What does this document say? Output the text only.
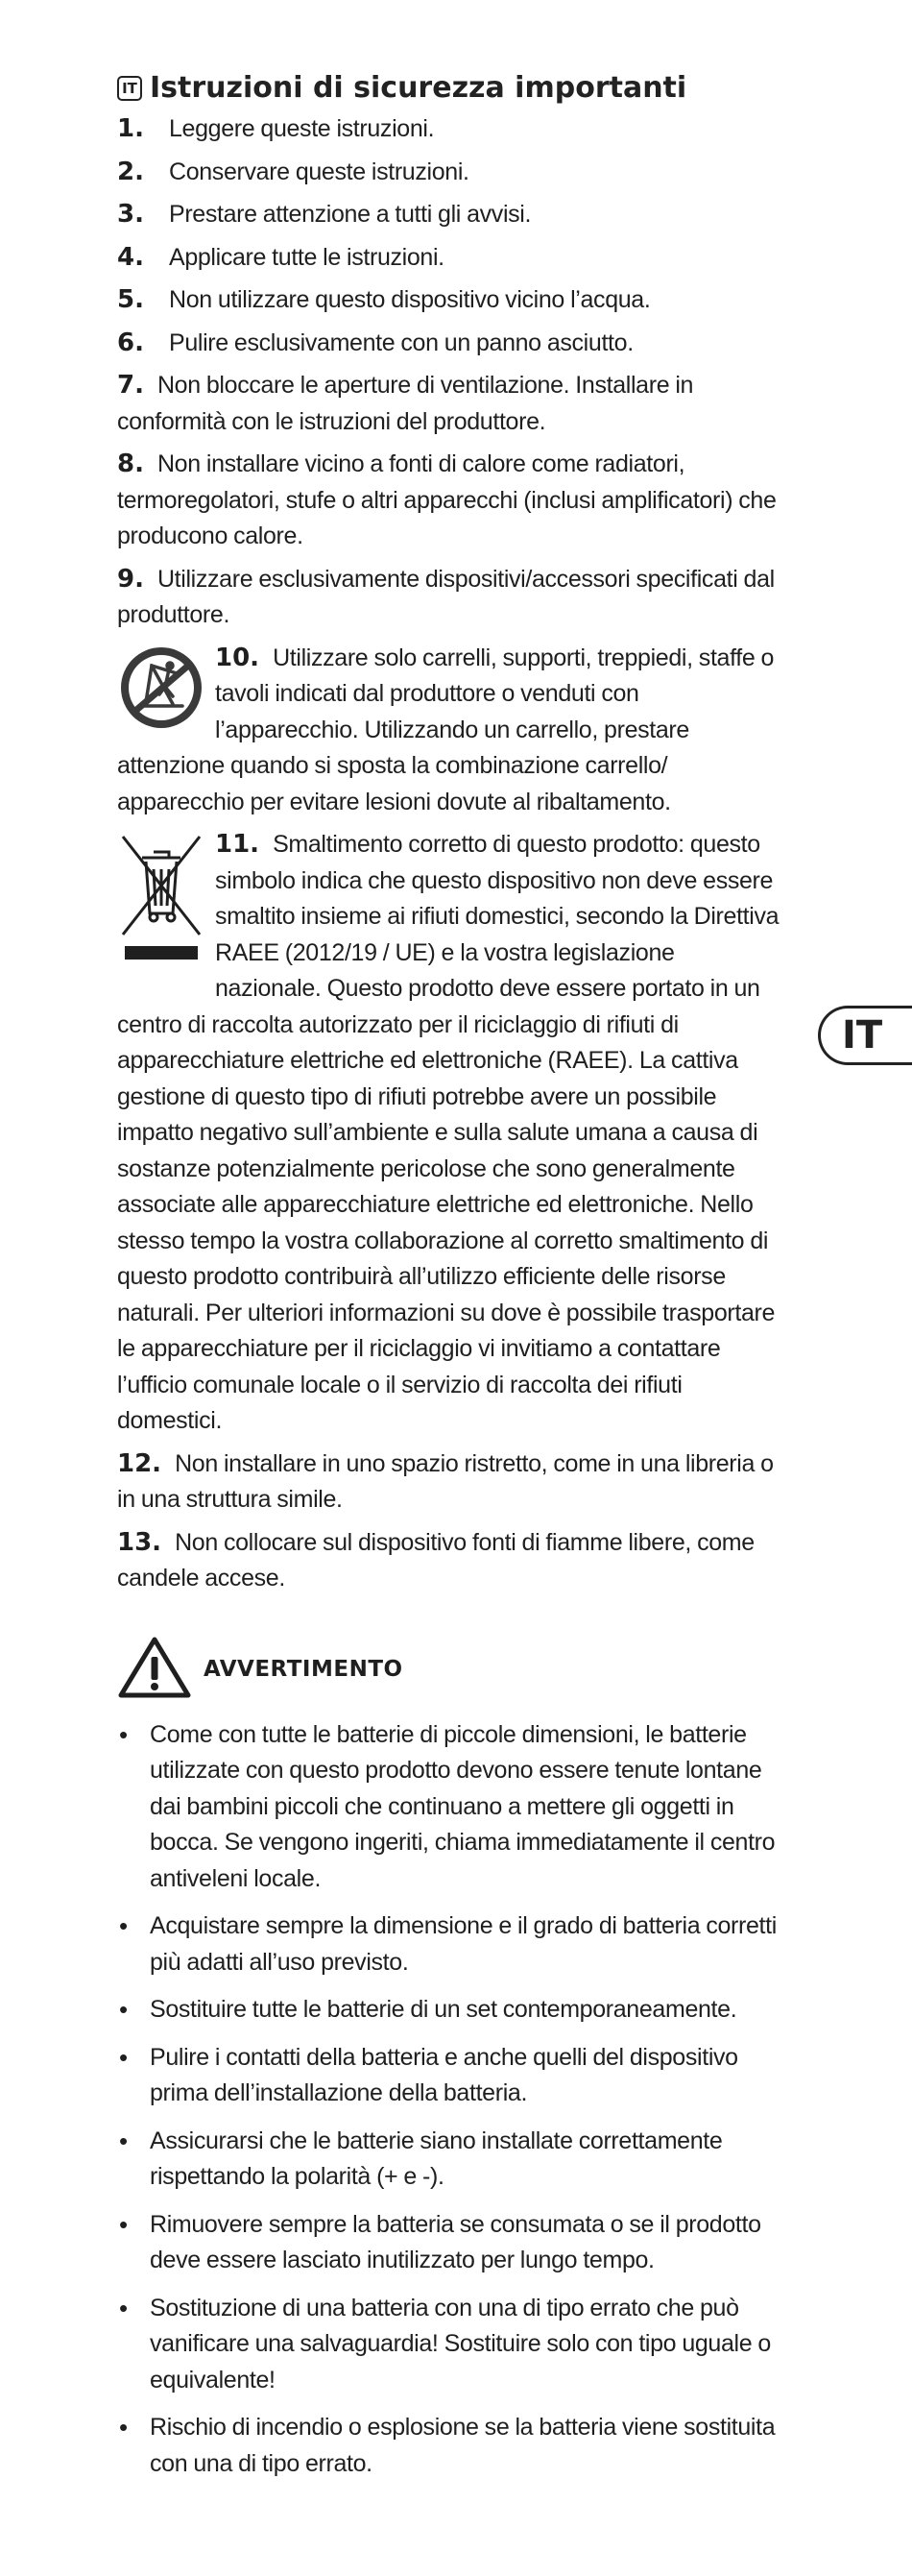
IT Istruzioni di sicurezza importanti
1. Leggere queste istruzioni.
2. Conservare queste istruzioni.
3. Prestare attenzione a tutti gli avvisi.
4. Applicare tutte le istruzioni.
5. Non utilizzare questo dispositivo vicino l’acqua.
6. Pulire esclusivamente con un panno asciutto.
7. Non bloccare le aperture di ventilazione. Installare in conformità con le istruzioni del produttore.
8. Non installare vicino a fonti di calore come radiatori, termoregolatori, stufe o altri apparecchi (inclusi amplificatori) che producono calore.
9. Utilizzare esclusivamente dispositivi/accessori specificati dal produttore.
10. Utilizzare solo carrelli, supporti, treppiedi, staffe o tavoli indicati dal produttore o venduti con l’apparecchio. Utilizzando un carrello, prestare attenzione quando si sposta la combinazione carrello/ apparecchio per evitare lesioni dovute al ribaltamento.
11. Smaltimento corretto di questo prodotto: questo simbolo indica che questo dispositivo non deve essere smaltito insieme ai rifiuti domestici, secondo la Direttiva RAEE (2012/19 / UE) e la vostra legislazione nazionale. Questo prodotto deve essere portato in un centro di raccolta autorizzato per il riciclaggio di rifiuti di apparecchiature elettriche ed elettroniche (RAEE). La cattiva gestione di questo tipo di rifiuti potrebbe avere un possibile impatto negativo sull’ambiente e sulla salute umana a causa di sostanze potenzialmente pericolose che sono generalmente associate alle apparecchiature elettriche ed elettroniche. Nello stesso tempo la vostra collaborazione al corretto smaltimento di questo prodotto contribuirà all’utilizzo efficiente delle risorse naturali. Per ulteriori informazioni su dove è possibile trasportare le apparecchiature per il riciclaggio vi invitiamo a contattare l’ufficio comunale locale o il servizio di raccolta dei rifiuti domestici.
12. Non installare in uno spazio ristretto, come in una libreria o in una struttura simile.
13. Non collocare sul dispositivo fonti di fiamme libere, come candele accese.
AVVERTIMENTO
• Come con tutte le batterie di piccole dimensioni, le batterie utilizzate con questo prodotto devono essere tenute lontane dai bambini piccoli che continuano a mettere gli oggetti in bocca. Se vengono ingeriti, chiama immediatamente il centro antiveleni locale.
• Acquistare sempre la dimensione e il grado di batteria corretti più adatti all’uso previsto.
• Sostituire tutte le batterie di un set contemporaneamente.
• Pulire i contatti della batteria e anche quelli del dispositivo prima dell’installazione della batteria.
• Assicurarsi che le batterie siano installate correttamente rispettando la polarità (+ e -).
• Rimuovere sempre la batteria se consumata o se il prodotto deve essere lasciato inutilizzato per lungo tempo.
• Sostituzione di una batteria con una di tipo errato che può vanificare una salvaguardia! Sostituire solo con tipo uguale o equivalente!
• Rischio di incendio o esplosione se la batteria viene sostituita con una di tipo errato.
IT
